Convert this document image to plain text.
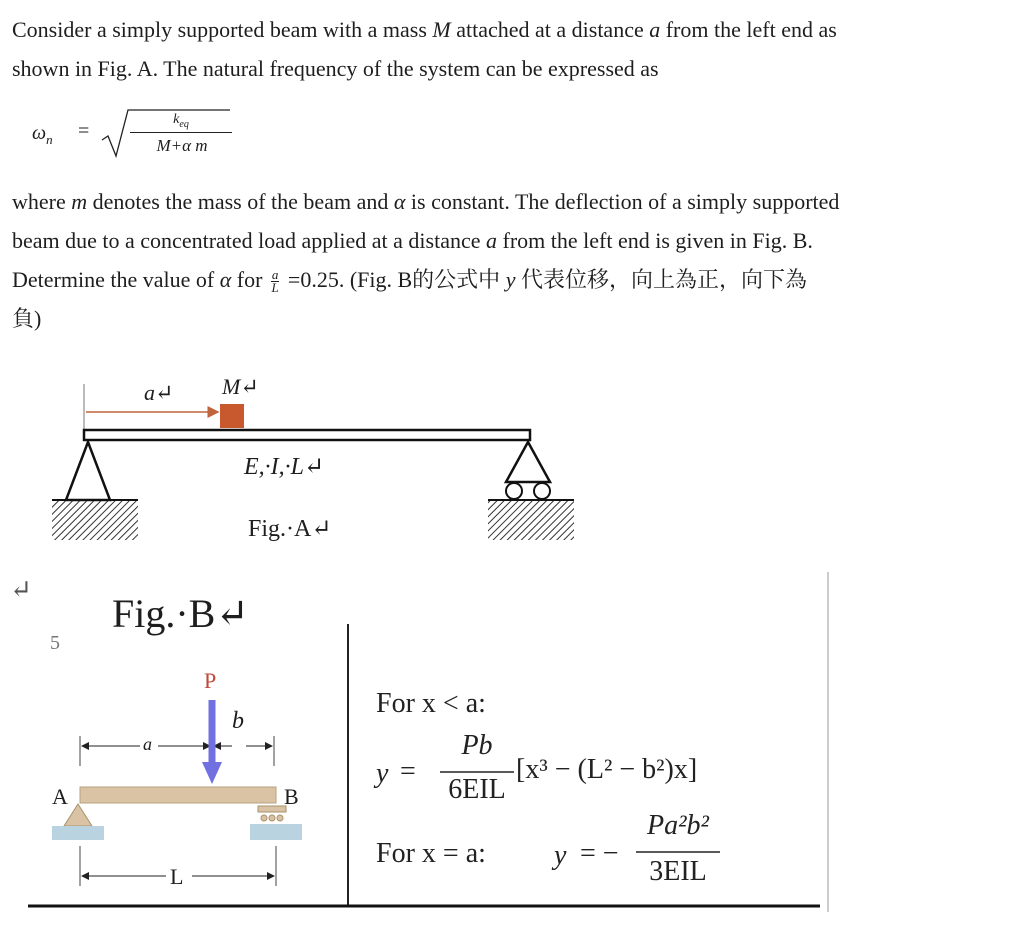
Consider a simply supported beam with a mass M attached at a distance a from the left end as
shown in Fig. A. The natural frequency of the system can be expressed as
$\omega_n$ =
$k_{eq}$
M+α m
where m denotes the mass of the beam and α is constant. The deflection of a simply supported
beam due to a concentrated load applied at a distance a from the left end is given in Fig. B.
Determine the value of α for $\frac{a}{L} =0.25$. (Fig. B的公式中 y 代表位移，向上為正，向下為
負)
a↵ M↵
E,·I,·L↵
Fig.·A↵
↵
5
Fig.·B↵
P
b
a
A	B
L
For x < a:
y =
Pb
6EIL
[x³ − (L² − b²)x]
For x = a: y = −
Pa²b²
3EIL
